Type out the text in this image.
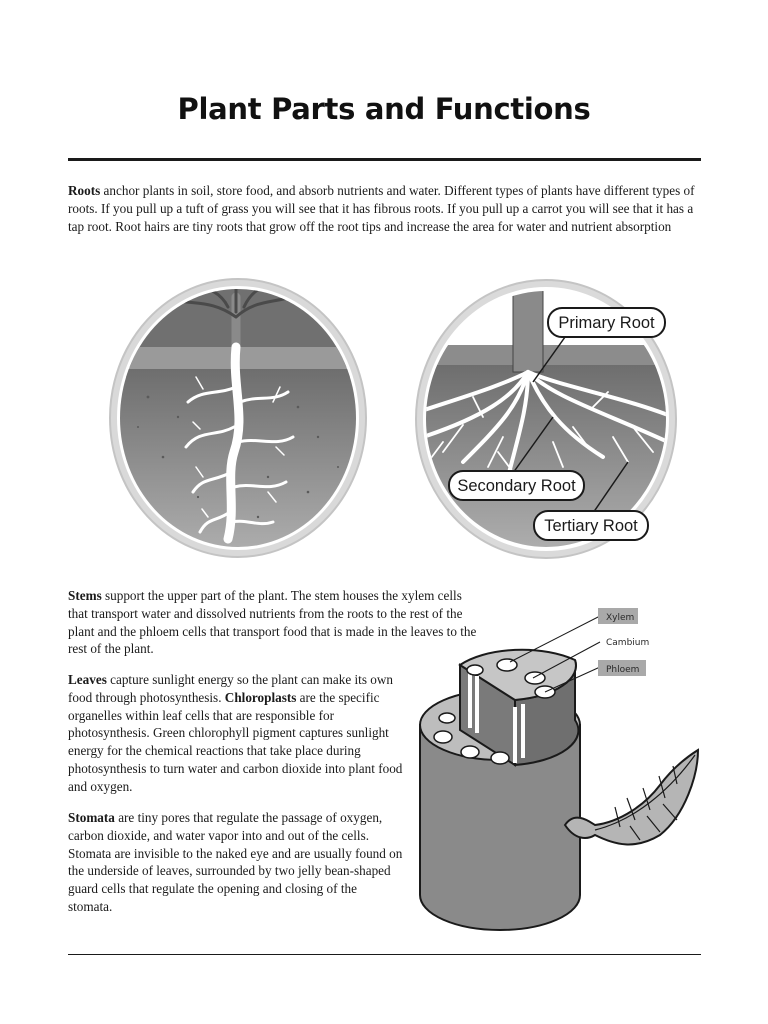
Plant Parts and Functions

Roots anchor plants in soil, store food, and absorb nutrients and water. Different types of plants have different types of roots. If you pull up a tuft of grass you will see that it has fibrous roots. If you pull up a carrot you will see that it has a tap root. Root hairs are tiny roots that grow off the root tips and increase the area for water and nutrient absorption

Primary Root
Secondary Root
Tertiary Root

Stems support the upper part of the plant. The stem houses the xylem cells that transport water and dissolved nutrients from the roots to the rest of the plant and the phloem cells that transport food that is made in the leaves to the rest of the plant.

Leaves capture sunlight energy so the plant can make its own food through photosynthesis. Chloroplasts are the specific organelles within leaf cells that are responsible for photosynthesis. Green chlorophyll pigment captures sunlight energy for the chemical reactions that take place during photosynthesis to turn water and carbon dioxide into plant food and oxygen.

Stomata are tiny pores that regulate the passage of oxygen, carbon dioxide, and water vapor into and out of the cells. Stomata are invisible to the naked eye and are usually found on the underside of leaves, surrounded by two jelly bean-shaped guard cells that regulate the opening and closing of the stomata.

Xylem
Cambium
Phloem
